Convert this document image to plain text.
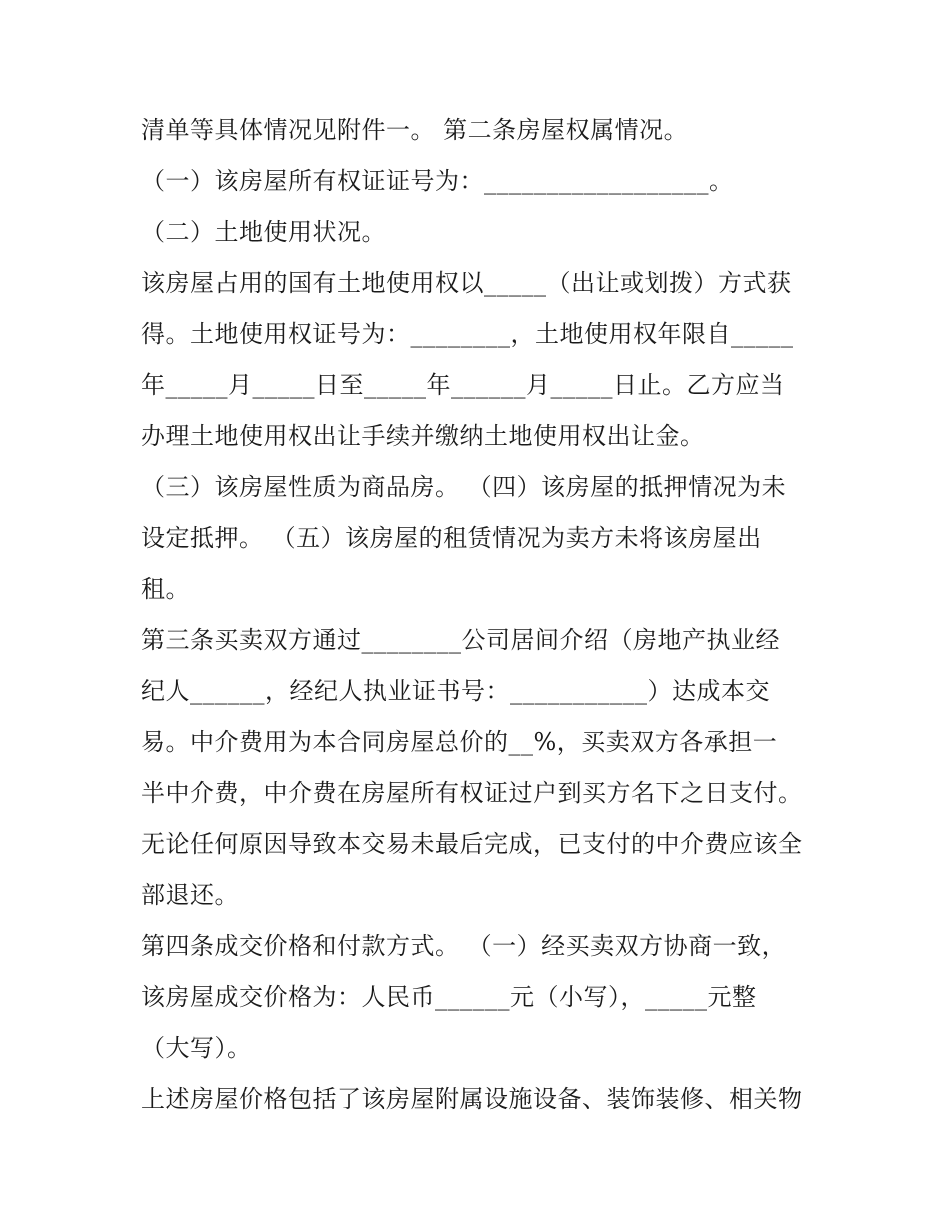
清单等具体情况见附件一。 第二条房屋权属情况。
（一）该房屋所有权证证号为：__________________。
（二）土地使用状况。
该房屋占用的国有土地使用权以_____（出让或划拨）方式获
得。土地使用权证号为：________，土地使用权年限自_____
年_____月_____日至_____年______月_____日止。乙方应当
办理土地使用权出让手续并缴纳土地使用权出让金。
（三）该房屋性质为商品房。 （四）该房屋的抵押情况为未
设定抵押。 （五）该房屋的租赁情况为卖方未将该房屋出
租。
第三条买卖双方通过________公司居间介绍（房地产执业经
纪人______，经纪人执业证书号：___________）达成本交
易。中介费用为本合同房屋总价的__%，买卖双方各承担一
半中介费，中介费在房屋所有权证过户到买方名下之日支付。
无论任何原因导致本交易未最后完成，已支付的中介费应该全
部退还。
第四条成交价格和付款方式。 （一）经买卖双方协商一致，
该房屋成交价格为：人民币______元（小写），_____元整
（大写）。
上述房屋价格包括了该房屋附属设施设备、装饰装修、相关物
